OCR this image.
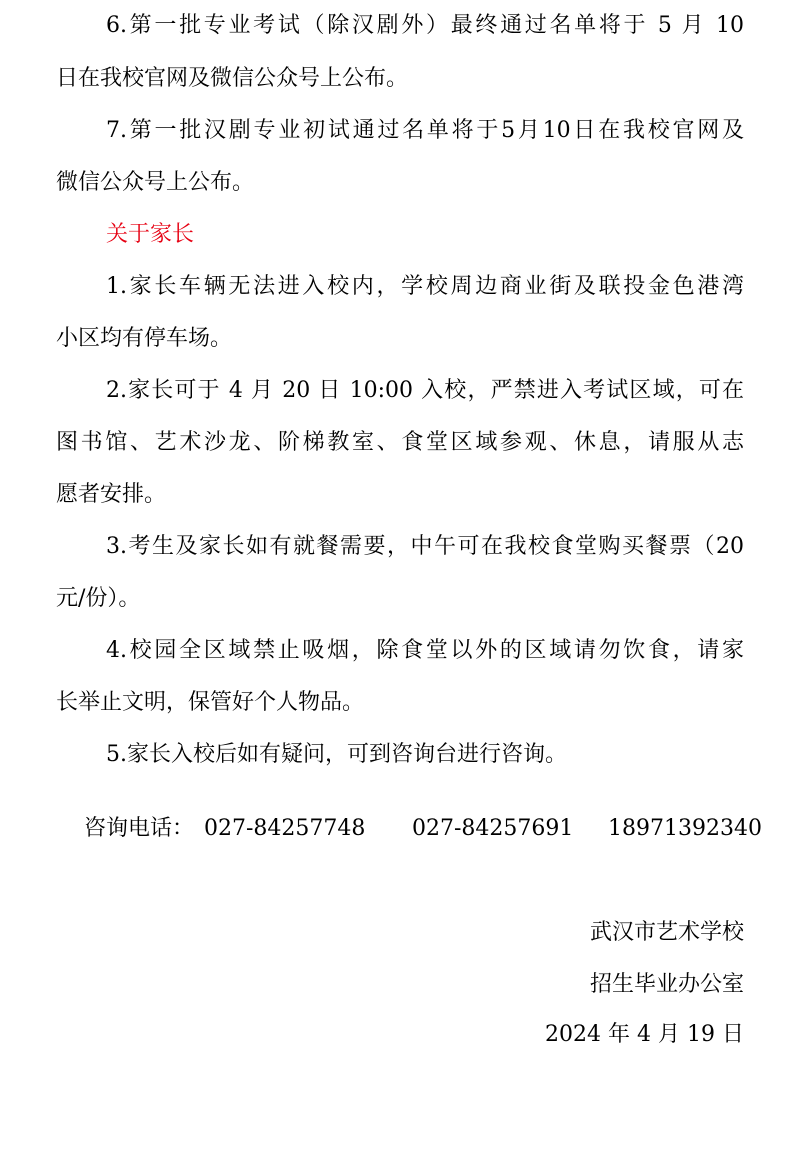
6.第一批专业考试（除汉剧外）最终通过名单将于 5 月 10
日在我校官网及微信公众号上公布。
7.第一批汉剧专业初试通过名单将于5月10日在我校官网及
微信公众号上公布。
关于家长
1.家长车辆无法进入校内，学校周边商业街及联投金色港湾
小区均有停车场。
2.家长可于 4 月 20 日 10:00 入校，严禁进入考试区域，可在
图书馆、艺术沙龙、阶梯教室、食堂区域参观、休息，请服从志
愿者安排。
3.考生及家长如有就餐需要，中午可在我校食堂购买餐票（20
元/份）。
4.校园全区域禁止吸烟，除食堂以外的区域请勿饮食，请家
长举止文明，保管好个人物品。
5.家长入校后如有疑问，可到咨询台进行咨询。
咨询电话： 027-84257748 027-84257691 18971392340
武汉市艺术学校
招生毕业办公室
2024 年 4 月 19 日
